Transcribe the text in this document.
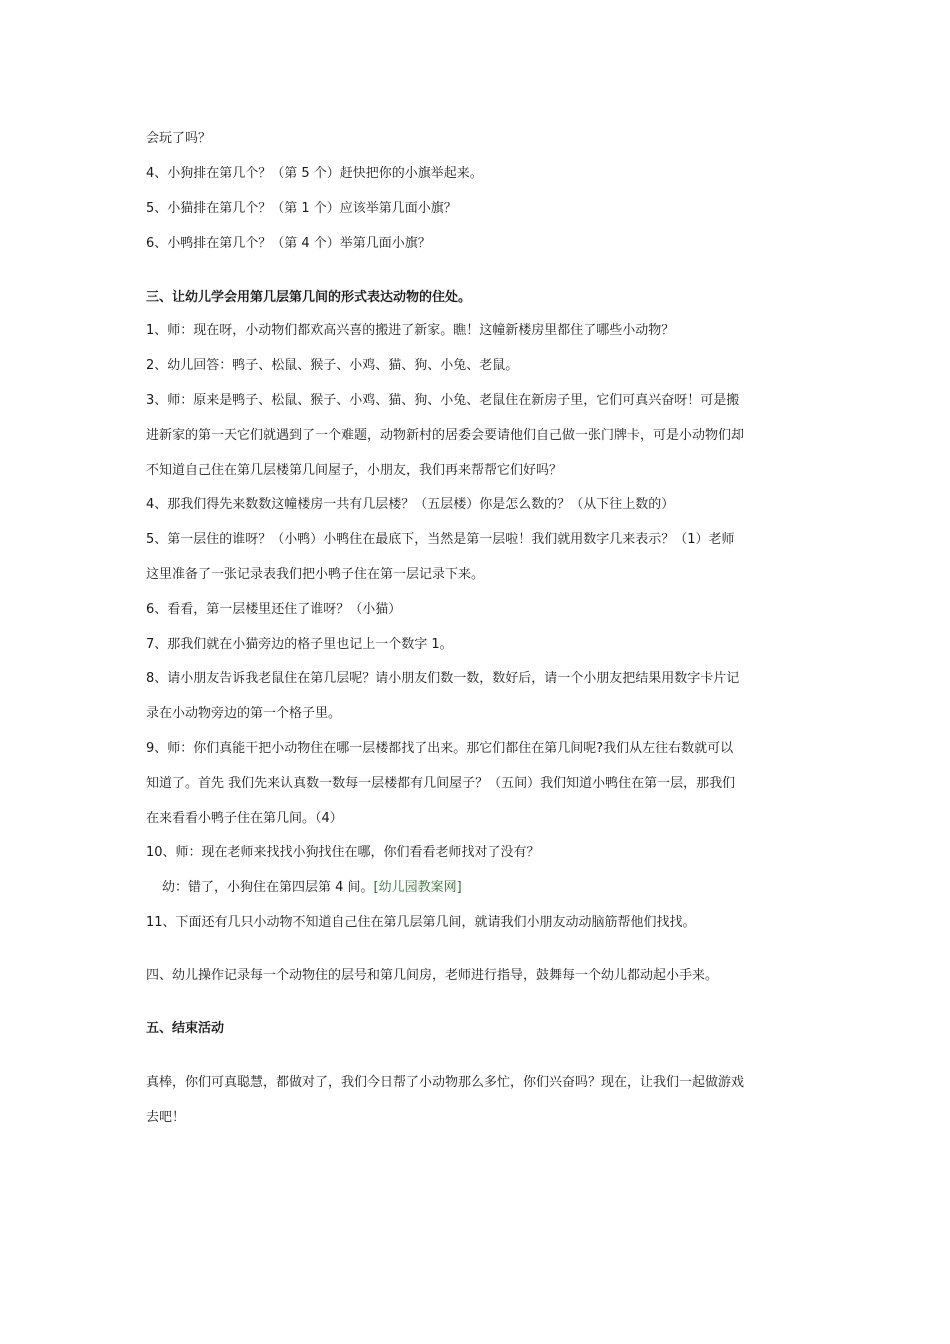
会玩了吗？
4、小狗排在第几个？（第 5 个）赶快把你的小旗举起来。
5、小猫排在第几个？（第 1 个）应该举第几面小旗？
6、小鸭排在第几个？（第 4 个）举第几面小旗？
三、让幼儿学会用第几层第几间的形式表达动物的住处。
1、师：现在呀，小动物们都欢高兴喜的搬进了新家。瞧！这幢新楼房里都住了哪些小动物？
2、幼儿回答：鸭子、松鼠、猴子、小鸡、猫、狗、小兔、老鼠。
3、师：原来是鸭子、松鼠、猴子、小鸡、猫、狗、小兔、老鼠住在新房子里，它们可真兴奋呀！可是搬
进新家的第一天它们就遇到了一个难题，动物新村的居委会要请他们自己做一张门牌卡，可是小动物们却
不知道自己住在第几层楼第几间屋子，小朋友，我们再来帮帮它们好吗？
4、那我们得先来数数这幢楼房一共有几层楼？（五层楼）你是怎么数的？（从下往上数的）
5、第一层住的谁呀？（小鸭）小鸭住在最底下，当然是第一层啦！我们就用数字几来表示？（1）老师
这里准备了一张记录表我们把小鸭子住在第一层记录下来。
6、看看，第一层楼里还住了谁呀？（小猫）
7、那我们就在小猫旁边的格子里也记上一个数字 1。
8、请小朋友告诉我老鼠住在第几层呢？请小朋友们数一数，数好后，请一个小朋友把结果用数字卡片记
录在小动物旁边的第一个格子里。
9、师：你们真能干把小动物住在哪一层楼都找了出来。那它们都住在第几间呢?我们从左往右数就可以
知道了。首先 我们先来认真数一数每一层楼都有几间屋子？（五间）我们知道小鸭住在第一层，那我们
在来看看小鸭子住在第几间。（4）
10、师：现在老师来找找小狗找住在哪，你们看看老师找对了没有？
幼：错了，小狗住在第四层第 4 间。[幼儿园教案网]
11、下面还有几只小动物不知道自己住在第几层第几间，就请我们小朋友动动脑筋帮他们找找。
四、幼儿操作记录每一个动物住的层号和第几间房，老师进行指导，鼓舞每一个幼儿都动起小手来。
五、结束活动
真棒，你们可真聪慧，都做对了，我们今日帮了小动物那么多忙，你们兴奋吗？现在，让我们一起做游戏
去吧！
